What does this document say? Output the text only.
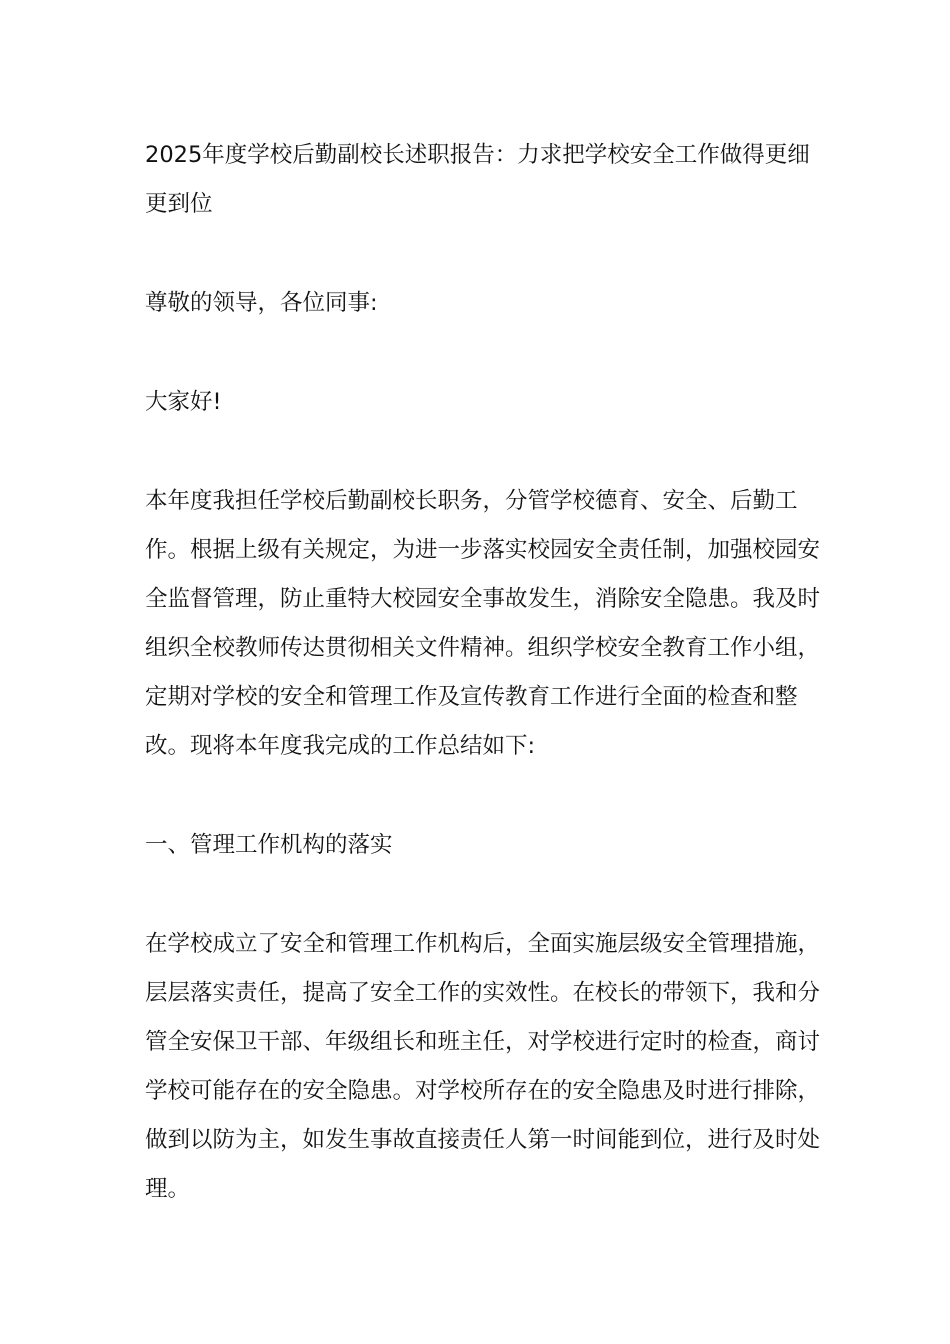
2025年度学校后勤副校长述职报告：力求把学校安全工作做得更细更到位

尊敬的领导，各位同事:

大家好!

本年度我担任学校后勤副校长职务，分管学校德育、安全、后勤工作。根据上级有关规定，为进一步落实校园安全责任制，加强校园安全监督管理，防止重特大校园安全事故发生，消除安全隐患。我及时组织全校教师传达贯彻相关文件精神。组织学校安全教育工作小组，定期对学校的安全和管理工作及宣传教育工作进行全面的检查和整改。现将本年度我完成的工作总结如下:

一、管理工作机构的落实

在学校成立了安全和管理工作机构后，全面实施层级安全管理措施，层层落实责任，提高了安全工作的实效性。在校长的带领下，我和分管全安保卫干部、年级组长和班主任，对学校进行定时的检查，商讨学校可能存在的安全隐患。对学校所存在的安全隐患及时进行排除，做到以防为主，如发生事故直接责任人第一时间能到位，进行及时处理。
